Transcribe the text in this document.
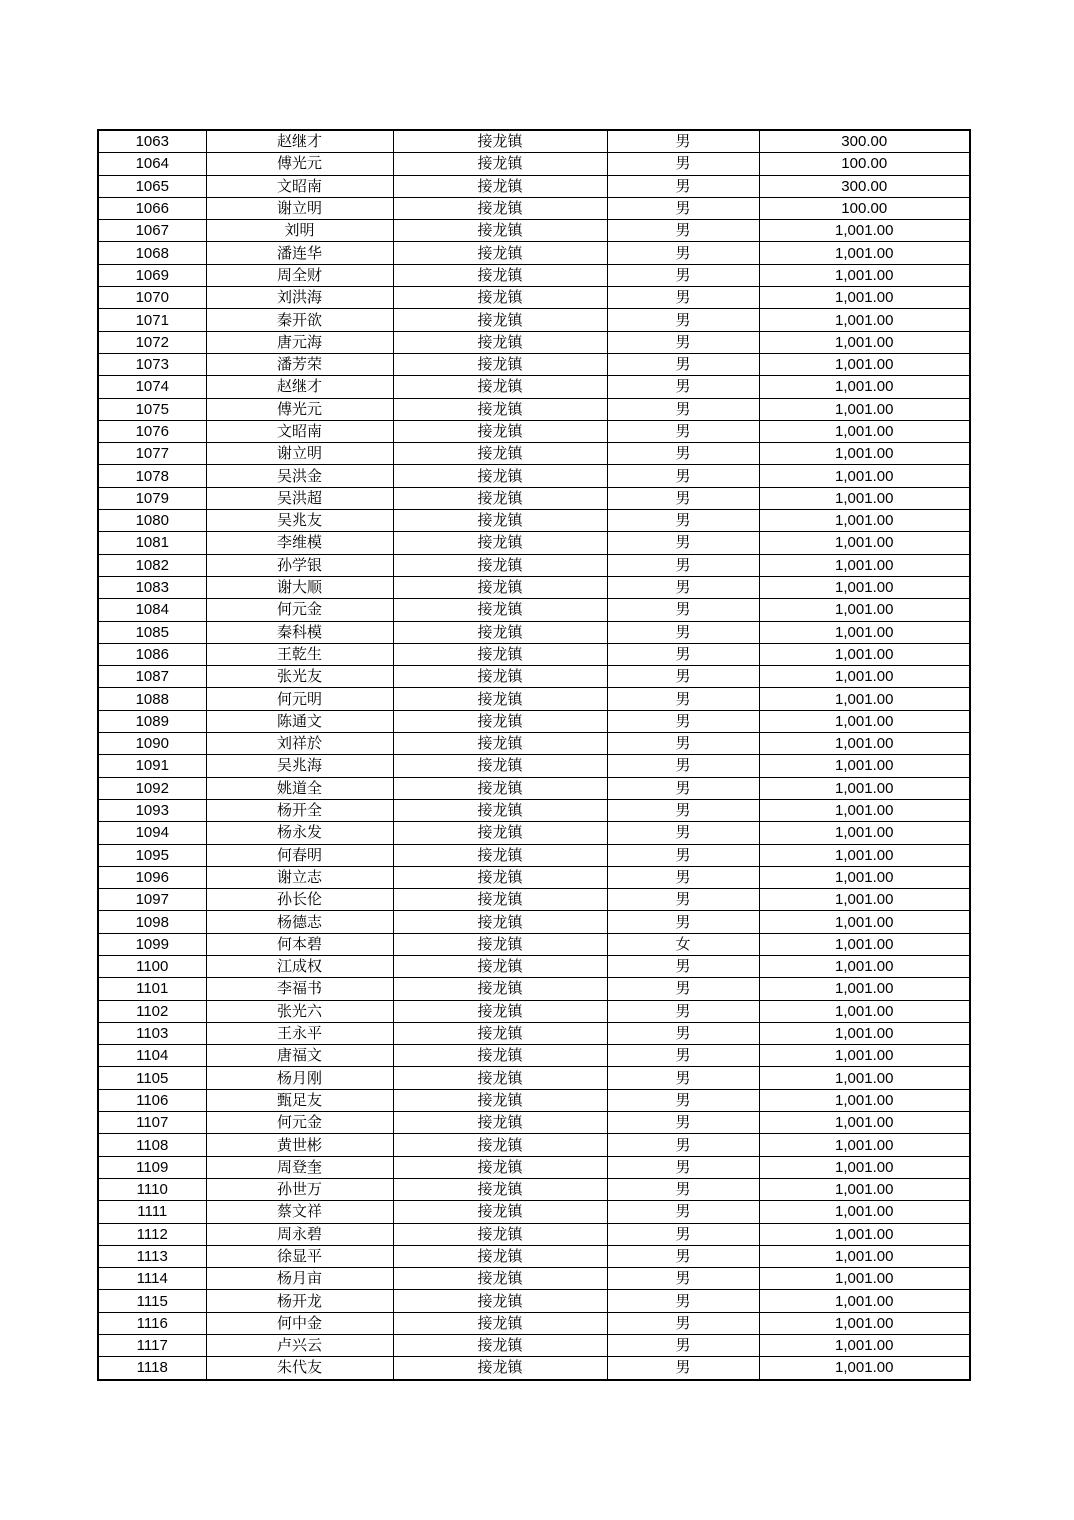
1063	赵继才	接龙镇	男	300.00
1064	傅光元	接龙镇	男	100.00
1065	文昭南	接龙镇	男	300.00
1066	谢立明	接龙镇	男	100.00
1067	刘明	接龙镇	男	1,001.00
1068	潘连华	接龙镇	男	1,001.00
1069	周全财	接龙镇	男	1,001.00
1070	刘洪海	接龙镇	男	1,001.00
1071	秦开欲	接龙镇	男	1,001.00
1072	唐元海	接龙镇	男	1,001.00
1073	潘芳荣	接龙镇	男	1,001.00
1074	赵继才	接龙镇	男	1,001.00
1075	傅光元	接龙镇	男	1,001.00
1076	文昭南	接龙镇	男	1,001.00
1077	谢立明	接龙镇	男	1,001.00
1078	吴洪金	接龙镇	男	1,001.00
1079	吴洪超	接龙镇	男	1,001.00
1080	吴兆友	接龙镇	男	1,001.00
1081	李维模	接龙镇	男	1,001.00
1082	孙学银	接龙镇	男	1,001.00
1083	谢大顺	接龙镇	男	1,001.00
1084	何元金	接龙镇	男	1,001.00
1085	秦科模	接龙镇	男	1,001.00
1086	王乾生	接龙镇	男	1,001.00
1087	张光友	接龙镇	男	1,001.00
1088	何元明	接龙镇	男	1,001.00
1089	陈通文	接龙镇	男	1,001.00
1090	刘祥於	接龙镇	男	1,001.00
1091	吴兆海	接龙镇	男	1,001.00
1092	姚道全	接龙镇	男	1,001.00
1093	杨开全	接龙镇	男	1,001.00
1094	杨永发	接龙镇	男	1,001.00
1095	何春明	接龙镇	男	1,001.00
1096	谢立志	接龙镇	男	1,001.00
1097	孙长伦	接龙镇	男	1,001.00
1098	杨德志	接龙镇	男	1,001.00
1099	何本碧	接龙镇	女	1,001.00
1100	江成权	接龙镇	男	1,001.00
1101	李福书	接龙镇	男	1,001.00
1102	张光六	接龙镇	男	1,001.00
1103	王永平	接龙镇	男	1,001.00
1104	唐福文	接龙镇	男	1,001.00
1105	杨月刚	接龙镇	男	1,001.00
1106	甄足友	接龙镇	男	1,001.00
1107	何元金	接龙镇	男	1,001.00
1108	黄世彬	接龙镇	男	1,001.00
1109	周登奎	接龙镇	男	1,001.00
1110	孙世万	接龙镇	男	1,001.00
1111	蔡文祥	接龙镇	男	1,001.00
1112	周永碧	接龙镇	男	1,001.00
1113	徐显平	接龙镇	男	1,001.00
1114	杨月亩	接龙镇	男	1,001.00
1115	杨开龙	接龙镇	男	1,001.00
1116	何中金	接龙镇	男	1,001.00
1117	卢兴云	接龙镇	男	1,001.00
1118	朱代友	接龙镇	男	1,001.00
